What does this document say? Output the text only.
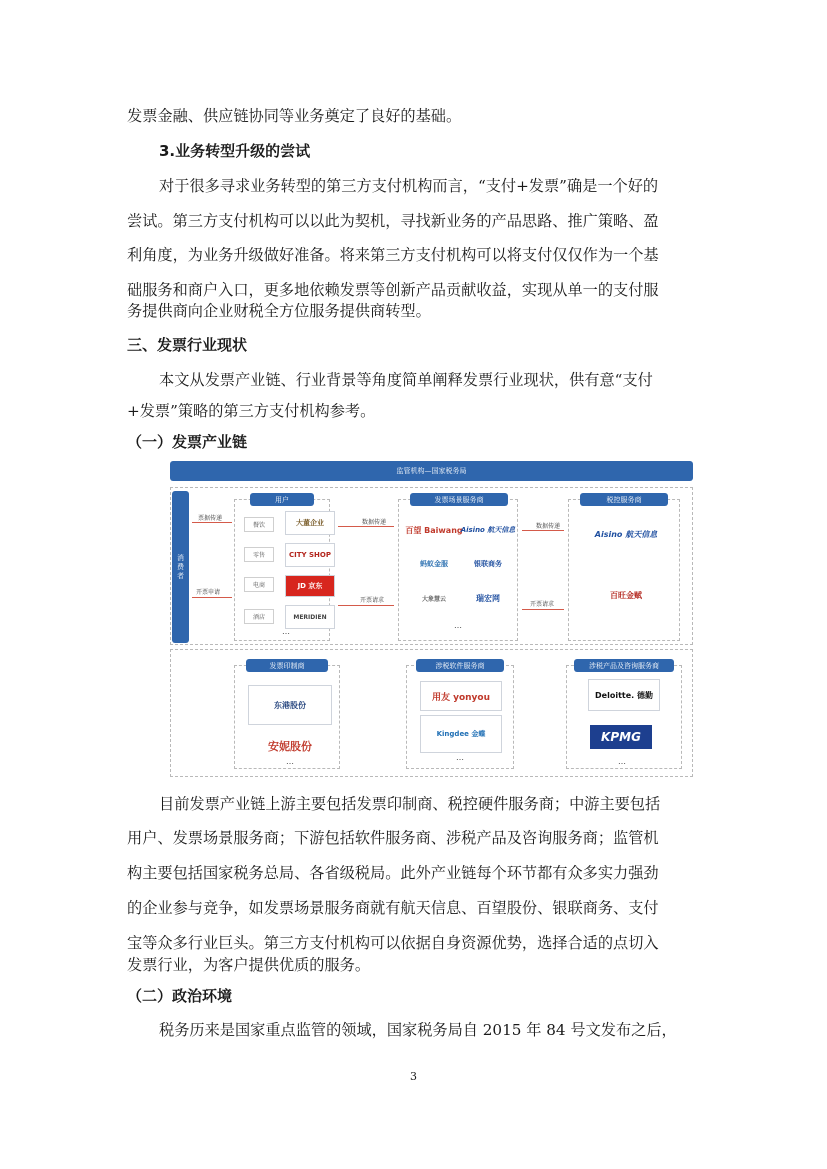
发票金融、供应链协同等业务奠定了良好的基础。
3.业务转型升级的尝试
对于很多寻求业务转型的第三方支付机构而言，“支付+发票”确是一个好的
尝试。第三方支付机构可以以此为契机，寻找新业务的产品思路、推广策略、盈
利角度，为业务升级做好准备。将来第三方支付机构可以将支付仅仅作为一个基
础服务和商户入口，更多地依赖发票等创新产品贡献收益，实现从单一的支付服
务提供商向企业财税全方位服务提供商转型。
三、发票行业现状
本文从发票产业链、行业背景等角度简单阐释发票行业现状，供有意“支付
+发票”策略的第三方支付机构参考。
（一）发票产业链
监管机构—国家税务局
消费者
用户
餐饮
零售
电商
酒店
大董企业
CITY SHOP
JD 京东
MERIDIEN
…
票据传递
开票申请
发票场景服务商
百望 Baiwang
Aisino 航天信息
蚂蚁金服	银联商务
大象慧云	瑞宏网
…
数据传递
开票请求
数据传递
开票请求
税控服务商
Aisino 航天信息
百旺金赋
发票印制商
东港股份
安妮股份
…
涉税软件服务商
用友 yonyou
Kingdee 金蝶
…
涉税产品及咨询服务商
Deloitte. 德勤
KPMG
…
目前发票产业链上游主要包括发票印制商、税控硬件服务商；中游主要包括
用户、发票场景服务商；下游包括软件服务商、涉税产品及咨询服务商；监管机
构主要包括国家税务总局、各省级税局。此外产业链每个环节都有众多实力强劲
的企业参与竞争，如发票场景服务商就有航天信息、百望股份、银联商务、支付
宝等众多行业巨头。第三方支付机构可以依据自身资源优势，选择合适的点切入
发票行业，为客户提供优质的服务。
（二）政治环境
税务历来是国家重点监管的领域，国家税务局自 2015 年 84 号文发布之后，
3
